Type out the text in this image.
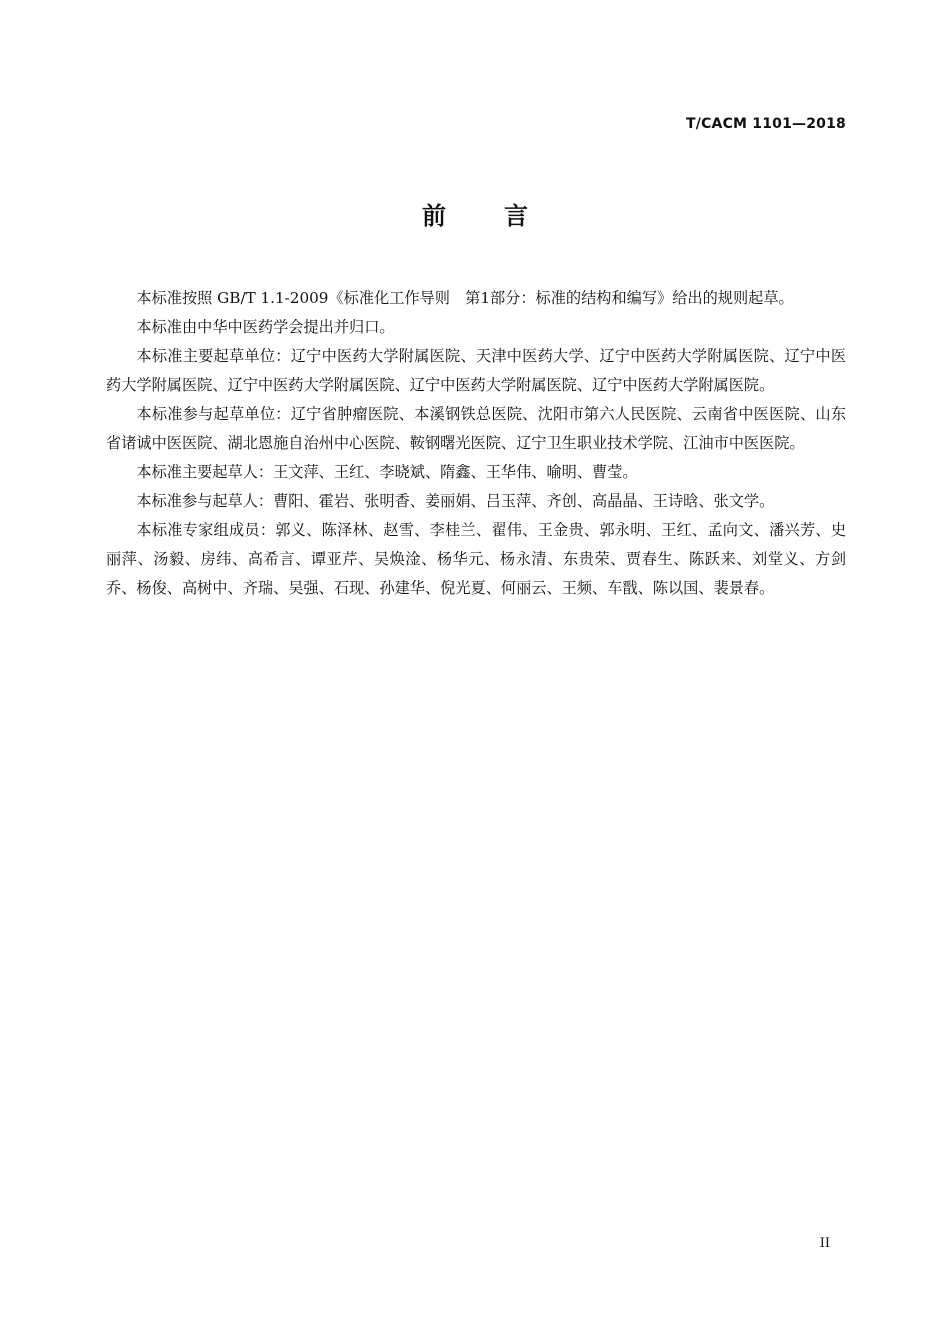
T/CACM 1101—2018
前言

本标准按照 GB/T 1.1-2009《标准化工作导则　第1部分：标准的结构和编写》给出的规则起草。

本标准由中华中医药学会提出并归口。

本标准主要起草单位：辽宁中医药大学附属医院、天津中医药大学、辽宁中医药大学附属医院、辽宁中医药大学附属医院、辽宁中医药大学附属医院、辽宁中医药大学附属医院、辽宁中医药大学附属医院。

本标准参与起草单位：辽宁省肿瘤医院、本溪钢铁总医院、沈阳市第六人民医院、云南省中医医院、山东省诸诚中医医院、湖北恩施自治州中心医院、鞍钢曙光医院、辽宁卫生职业技术学院、江油市中医医院。

本标准主要起草人：王文萍、王红、李晓斌、隋鑫、王华伟、喻明、曹莹。

本标准参与起草人：曹阳、霍岩、张明香、姜丽娟、吕玉萍、齐创、高晶晶、王诗晗、张文学。

本标准专家组成员：郭义、陈泽林、赵雪、李桂兰、翟伟、王金贵、郭永明、王红、孟向文、潘兴芳、史丽萍、汤毅、房纬、高希言、谭亚芹、吴焕淦、杨华元、杨永清、东贵荣、贾春生、陈跃来、刘堂义、方剑乔、杨俊、高树中、齐瑞、吴强、石现、孙建华、倪光夏、何丽云、王频、车戬、陈以国、裴景春。

II
